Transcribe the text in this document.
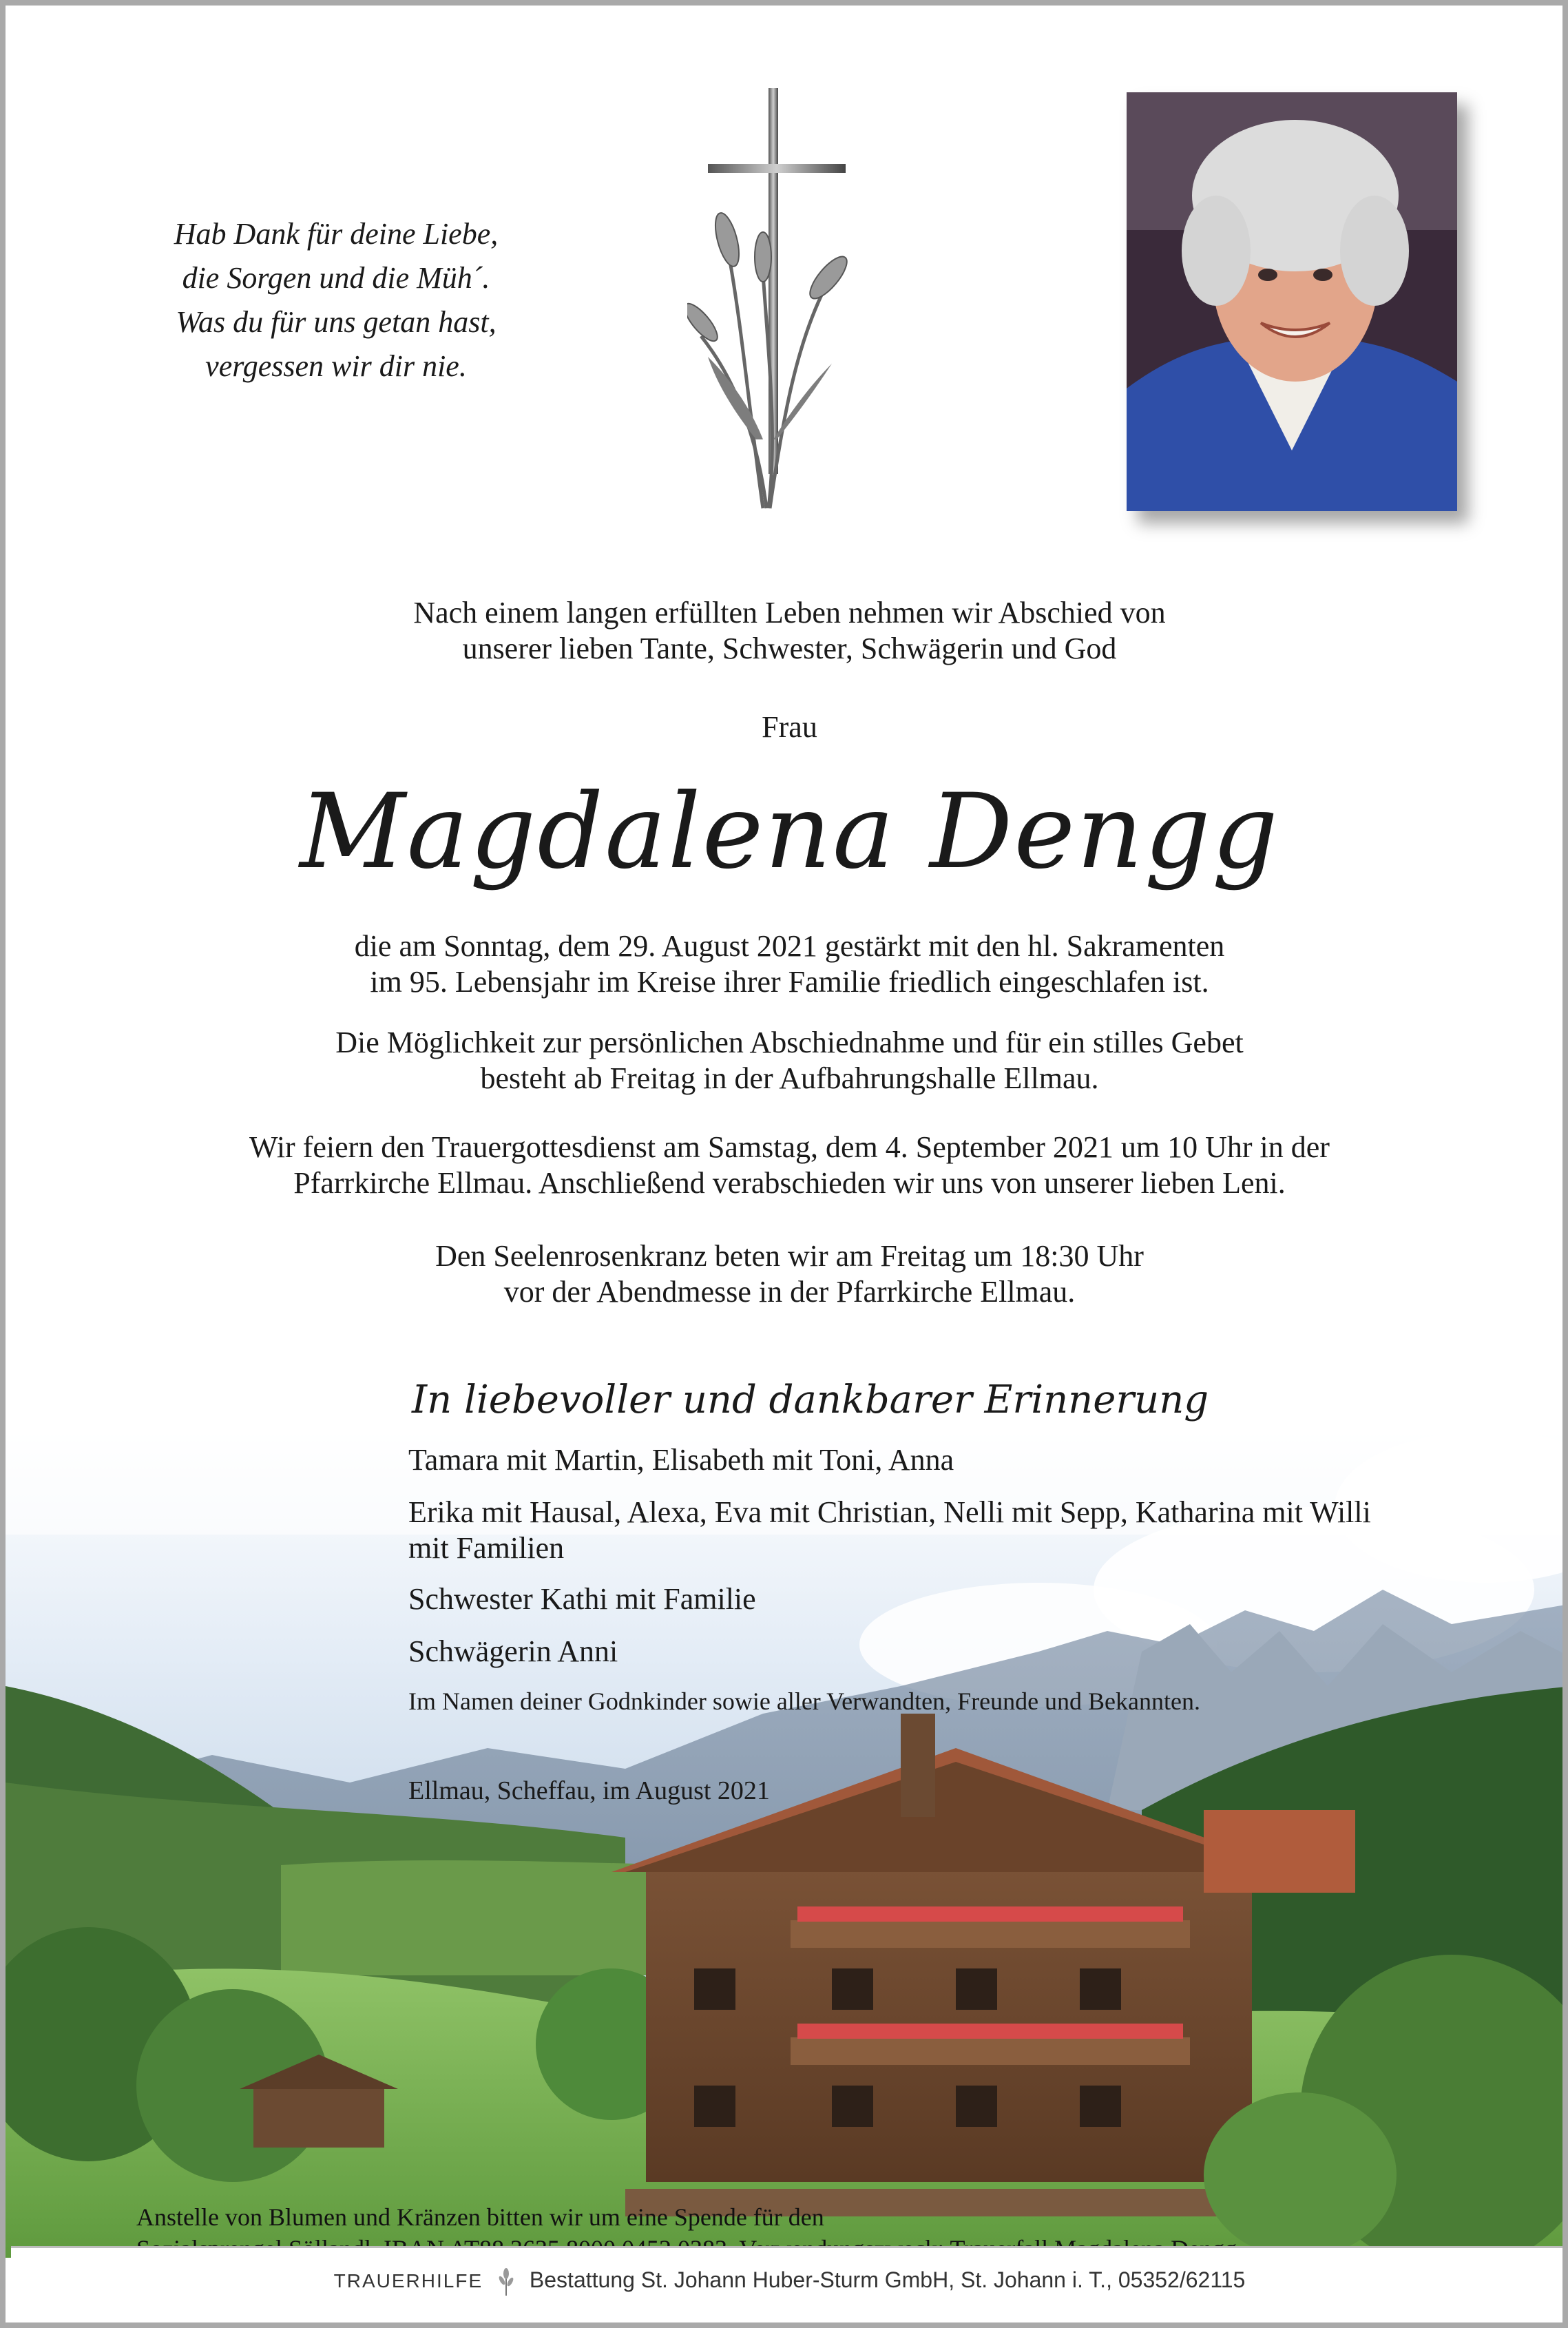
Hab Dank für deine Liebe,
die Sorgen und die Müh´.
Was du für uns getan hast,
vergessen wir dir nie.
Nach einem langen erfüllten Leben nehmen wir Abschied von
unserer lieben Tante, Schwester, Schwägerin und God
Frau
Magdalena Dengg
die am Sonntag, dem 29. August 2021 gestärkt mit den hl. Sakramenten
im 95. Lebensjahr im Kreise ihrer Familie friedlich eingeschlafen ist.
Die Möglichkeit zur persönlichen Abschiednahme und für ein stilles Gebet
besteht ab Freitag in der Aufbahrungshalle Ellmau.
Wir feiern den Trauergottesdienst am Samstag, dem 4. September 2021 um 10 Uhr in der
Pfarrkirche Ellmau. Anschließend verabschieden wir uns von unserer lieben Leni.
Den Seelenrosenkranz beten wir am Freitag um 18:30 Uhr
vor der Abendmesse in der Pfarrkirche Ellmau.
In liebevoller und dankbarer Erinnerung
Tamara mit Martin, Elisabeth mit Toni, Anna
Erika mit Hausal, Alexa, Eva mit Christian, Nelli mit Sepp, Katharina mit Willi
mit Familien
Schwester Kathi mit Familie
Schwägerin Anni
Im Namen deiner Godnkinder sowie aller Verwandten, Freunde und Bekannten.
Ellmau, Scheffau, im August 2021
Anstelle von Blumen und Kränzen bitten wir um eine Spende für den
TRAUERHILFE Bestattung St. Johann Huber-Sturm GmbH, St. Johann i. T., 05352/62115
